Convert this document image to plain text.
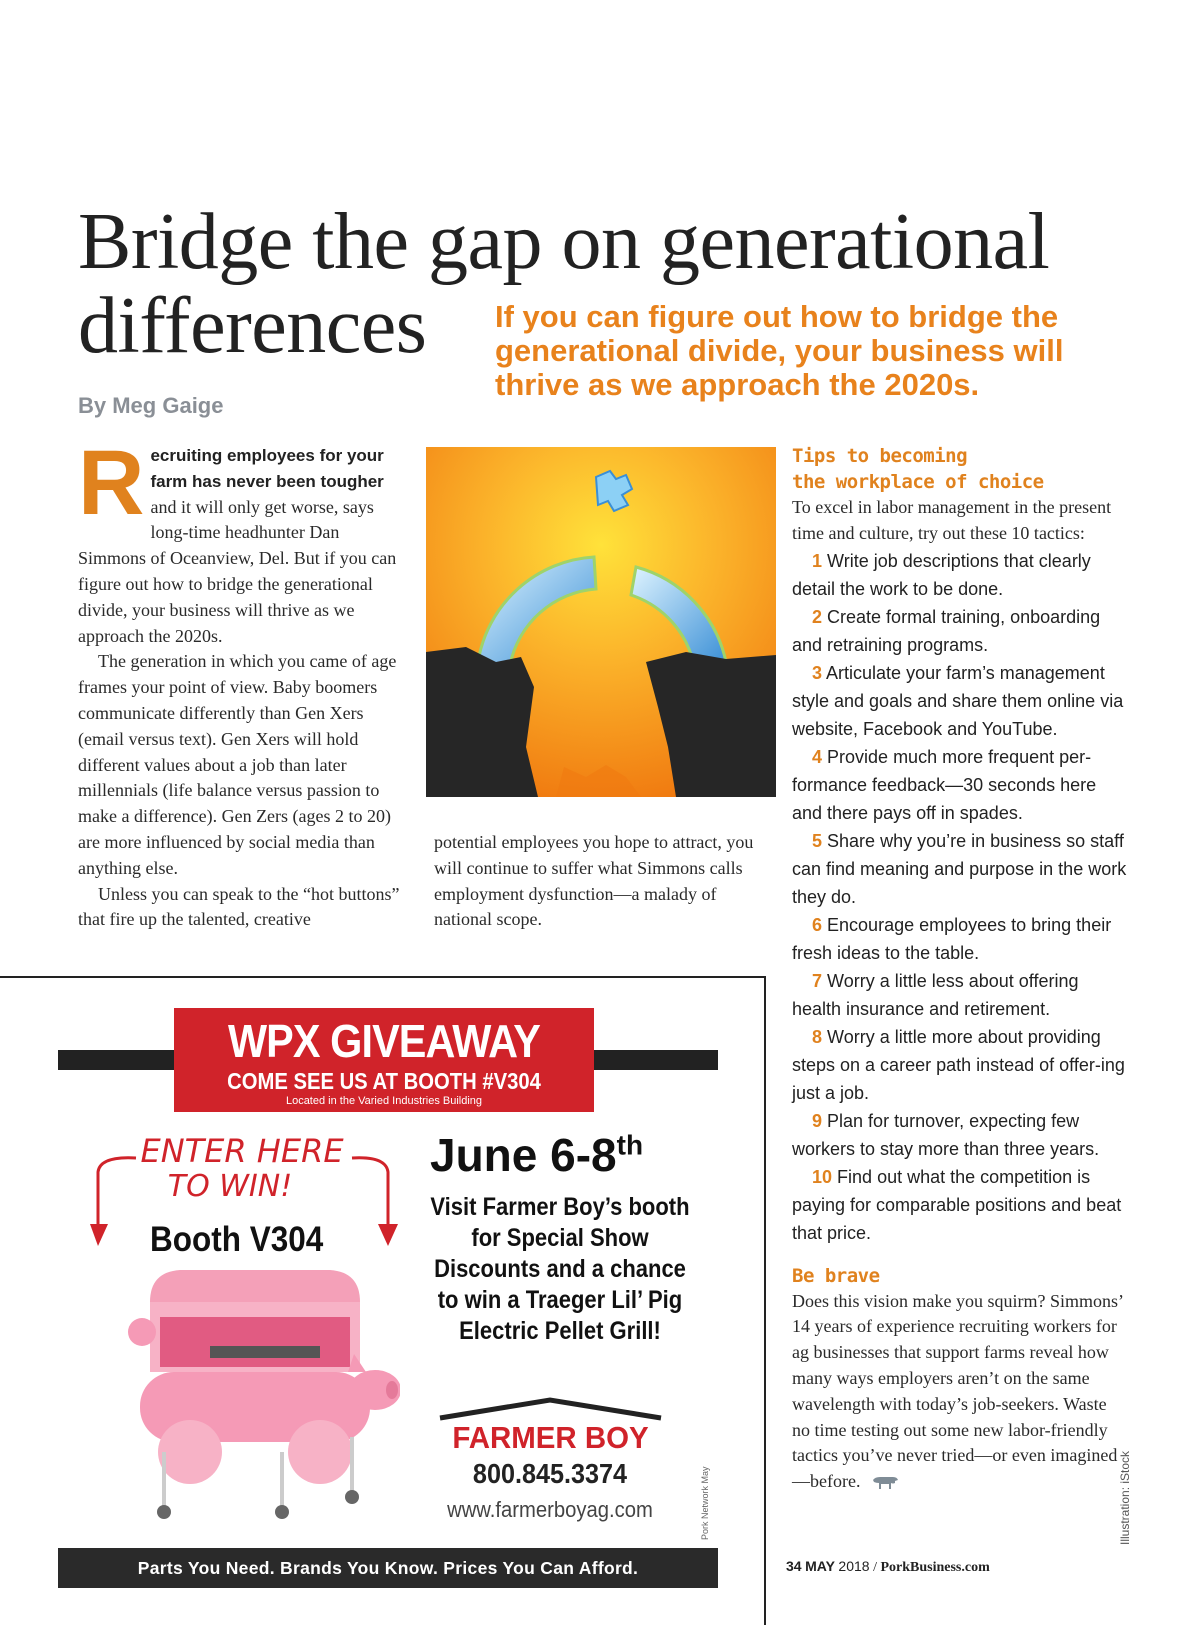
Bridge the gap on generational differences	If you can figure out how to bridge the generational divide, your business will thrive as we approach the 2020s.
By Meg Gaige

Recruiting employees for your farm has never been tougher and it will only get worse, says long-time headhunter Dan Simmons of Oceanview, Del. But if you can figure out how to bridge the generational divide, your business will thrive as we approach the 2020s.

The generation in which you came of age frames your point of view. Baby boomers communicate differently than Gen Xers (email versus text). Gen Xers will hold different values about a job than later millennials (life balance versus passion to make a difference). Gen Zers (ages 2 to 20) are more influenced by social media than anything else.

Unless you can speak to the “hot buttons” that fire up the talented, creative

potential employees you hope to attract, you will continue to suffer what Simmons calls employment dysfunction—a malady of national scope.

Tips to becoming
the workplace of choice
To excel in labor management in the present time and culture, try out these 10 tactics:

1 Write job descriptions that clearly detail the work to be done.

2 Create formal training, onboarding and retraining programs.

3 Articulate your farm’s management style and goals and share them online via website, Facebook and YouTube.

4 Provide much more frequent per-formance feedback—30 seconds here and there pays off in spades.

5 Share why you’re in business so staff can find meaning and purpose in the work they do.

6 Encourage employees to bring their fresh ideas to the table.

7 Worry a little less about offering health insurance and retirement.

8 Worry a little more about providing steps on a career path instead of offer-ing just a job.

9 Plan for turnover, expecting few workers to stay more than three years.

10 Find out what the competition is paying for comparable positions and beat that price.

Be brave
Does this vision make you squirm? Simmons’ 14 years of experience recruiting workers for ag businesses that support farms reveal how many ways employers aren’t on the same wavelength with today’s job-seekers. Waste no time testing out some new labor-friendly tactics you’ve never tried—or even imagined—before.	Illustration: iStock
34 MAY 2018 / PorkBusiness.com
WPX GIVEAWAY
COME SEE US AT BOOTH #V304
Located in the Varied Industries Building
ENTER HERE
TO WIN!
Booth V304
June 6-8th
Visit Farmer Boy’s booth for Special Show Discounts and a chance to win a Traeger Lil’ Pig Electric Pellet Grill!
FARMER BOY
800.845.3374
www.farmerboyag.com	Pork Network May
Parts You Need. Brands You Know. Prices You Can Afford.
